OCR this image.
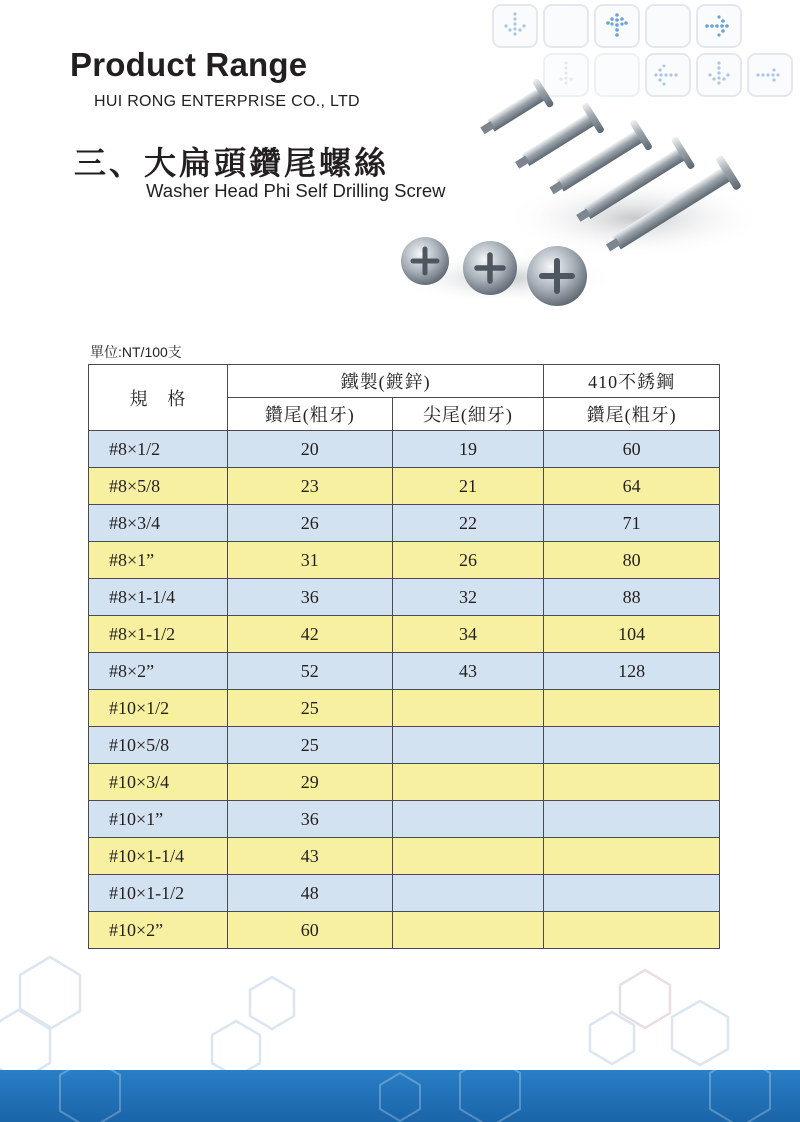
Product Range
HUI RONG ENTERPRISE CO., LTD
三、大扁頭鑽尾螺絲
Washer Head Phi Self Drilling Screw
單位:NT/100支
規　格	鐵製(鍍鋅)		410不銹鋼
	鑽尾(粗牙)	尖尾(細牙)	鑽尾(粗牙)
#8×1/2	20	19	60
#8×5/8	23	21	64
#8×3/4	26	22	71
#8×1”	31	26	80
#8×1-1/4	36	32	88
#8×1-1/2	42	34	104
#8×2”	52	43	128
#10×1/2	25		
#10×5/8	25		
#10×3/4	29		
#10×1”	36		
#10×1-1/4	43		
#10×1-1/2	48		
#10×2”	60		
